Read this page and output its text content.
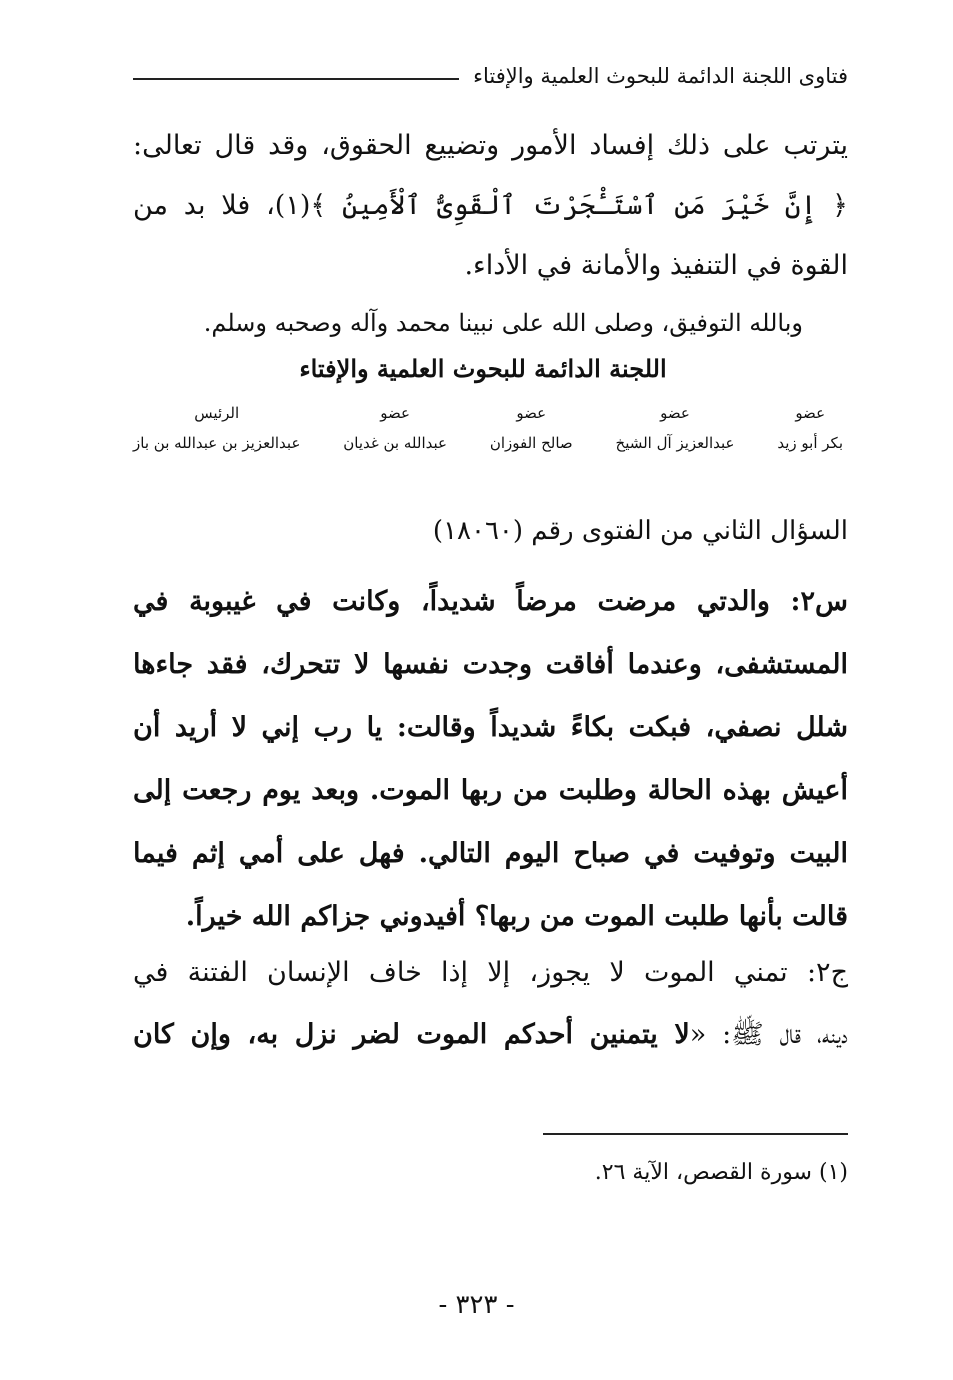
فتاوى اللجنة الدائمة للبحوث العلمية والإفتاء
يترتب على ذلك إفساد الأمور وتضييع الحقوق، وقد قال تعالى:
﴿ إِنَّ خَيْرَ مَنِ ٱسْتَـْٔجَرْتَ ٱلْقَوِىُّ ٱلْأَمِينُ ﴾(١)، فلا بد من
القوة في التنفيذ والأمانة في الأداء.
وبالله التوفيق، وصلى الله على نبينا محمد وآله وصحبه وسلم.
اللجنة الدائمة للبحوث العلمية والإفتاء
عضو
بكر أبو زيد
عضو
عبدالعزيز آل الشيخ
عضو
صالح الفوزان
عضو
عبدالله بن غديان
الرئيس
عبدالعزيز بن عبدالله بن باز
السؤال الثاني من الفتوى رقم (١٨٠٦٠)
س٢: والدتي مرضت مرضاً شديداً، وكانت في غيبوبة في
المستشفى، وعندما أفاقت وجدت نفسها لا تتحرك، فقد جاءها
شلل نصفي، فبكت بكاءً شديداً وقالت: يا رب إني لا أريد أن
أعيش بهذه الحالة وطلبت من ربها الموت. وبعد يوم رجعت إلى
البيت وتوفيت في صباح اليوم التالي. فهل على أمي إثم فيما
قالت بأنها طلبت الموت من ربها؟ أفيدوني جزاكم الله خيراً.
ج٢: تمني الموت لا يجوز، إلا إذا خاف الإنسان الفتنة في
دينه، قال ﷺ: «لا يتمنين أحدكم الموت لضر نزل به، وإن كان
(١) سورة القصص، الآية ٢٦.
- ٣٢٣ -
